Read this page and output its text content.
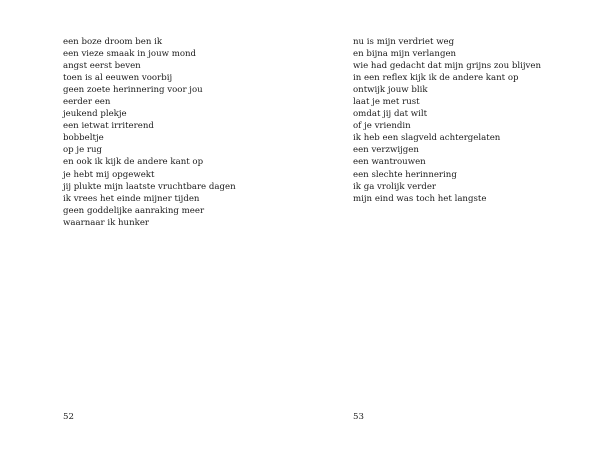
een boze droom ben ik
een vieze smaak in jouw mond
angst eerst beven
toen is al eeuwen voorbij
geen zoete herinnering voor jou
eerder een
jeukend plekje
een ietwat irriterend
bobbeltje
op je rug
en ook ik kijk de andere kant op
je hebt mij opgewekt
jij plukte mijn laatste vruchtbare dagen
ik vrees het einde mijner tijden
geen goddelijke aanraking meer
waarnaar ik hunker
52
nu is mijn verdriet weg
en bijna mijn verlangen
wie had gedacht dat mijn grijns zou blijven
in een reflex kijk ik de andere kant op
ontwijk jouw blik
laat je met rust
omdat jij dat wilt
of je vriendin
ik heb een slagveld achtergelaten
een verzwijgen
een wantrouwen
een slechte herinnering
ik ga vrolijk verder
mijn eind was toch het langste
53
